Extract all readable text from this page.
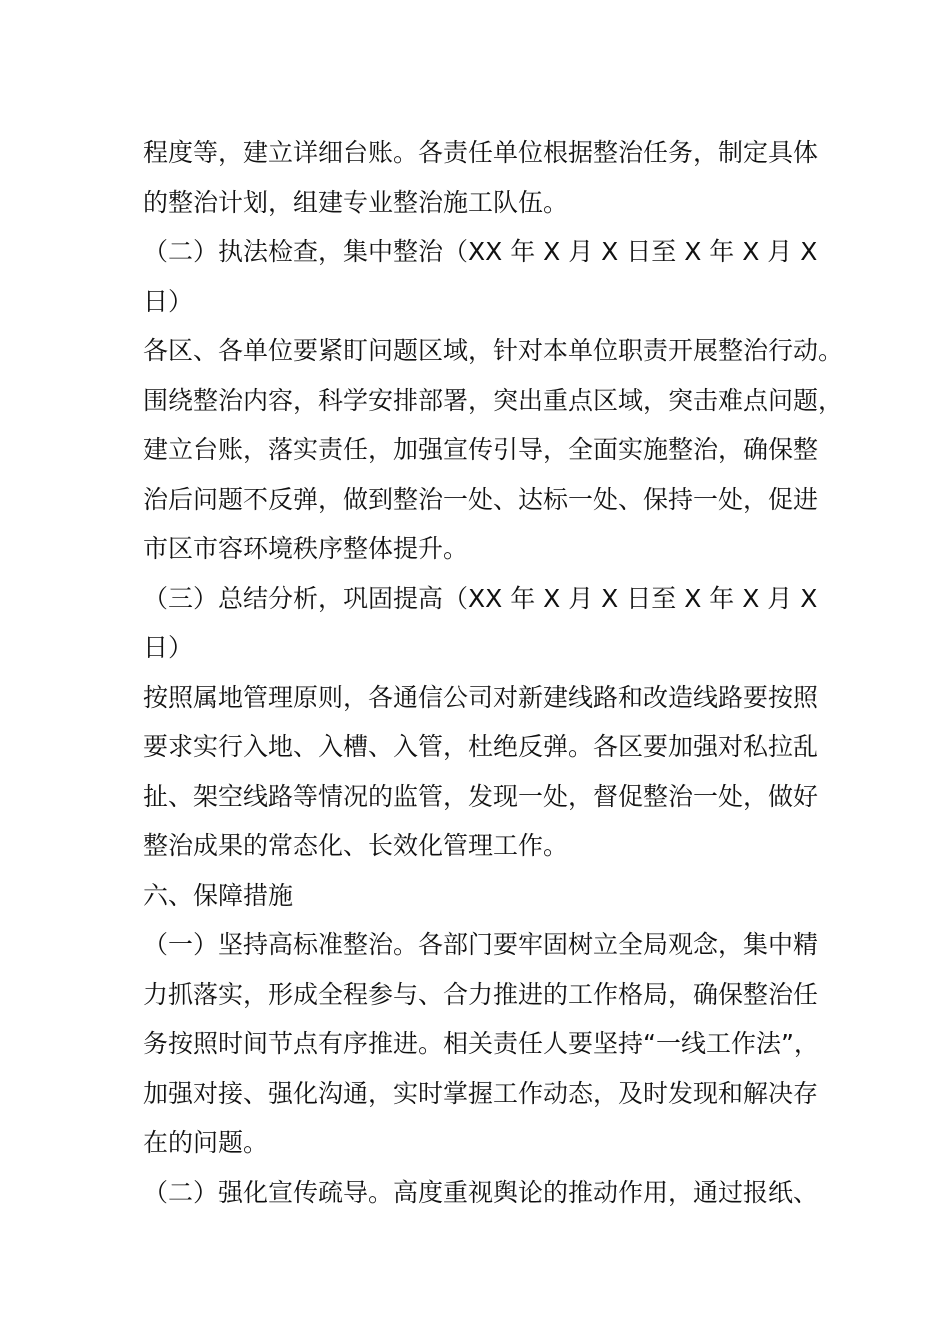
程度等，建立详细台账。各责任单位根据整治任务，制定具体
的整治计划，组建专业整治施工队伍。
（二）执法检查，集中整治（XX 年 X 月 X 日至 X 年 X 月 X
日）
各区、各单位要紧盯问题区域，针对本单位职责开展整治行动。
围绕整治内容，科学安排部署，突出重点区域，突击难点问题，
建立台账，落实责任，加强宣传引导，全面实施整治，确保整
治后问题不反弹，做到整治一处、达标一处、保持一处，促进
市区市容环境秩序整体提升。
（三）总结分析，巩固提高（XX 年 X 月 X 日至 X 年 X 月 X
日）
按照属地管理原则，各通信公司对新建线路和改造线路要按照
要求实行入地、入槽、入管，杜绝反弹。各区要加强对私拉乱
扯、架空线路等情况的监管，发现一处，督促整治一处，做好
整治成果的常态化、长效化管理工作。
六、保障措施
（一）坚持高标准整治。各部门要牢固树立全局观念，集中精
力抓落实，形成全程参与、合力推进的工作格局，确保整治任
务按照时间节点有序推进。相关责任人要坚持“一线工作法”，
加强对接、强化沟通，实时掌握工作动态，及时发现和解决存
在的问题。
（二）强化宣传疏导。高度重视舆论的推动作用，通过报纸、
